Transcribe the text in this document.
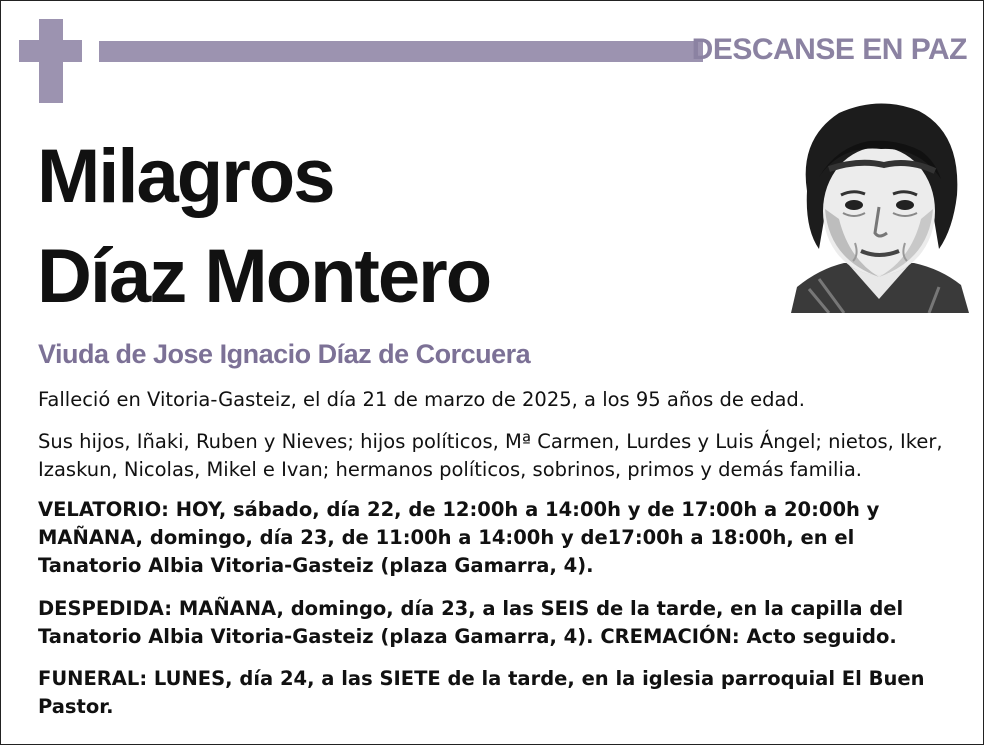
DESCANSE EN PAZ
Milagros
Díaz Montero
Viuda de Jose Ignacio Díaz de Corcuera

Falleció en Vitoria-Gasteiz, el día 21 de marzo de 2025, a los 95 años de edad.

Sus hijos, Iñaki, Ruben y Nieves; hijos políticos, Mª Carmen, Lurdes y Luis Ángel; nietos, Iker, Izaskun, Nicolas, Mikel e Ivan; hermanos políticos, sobrinos, primos y demás familia.

VELATORIO: HOY, sábado, día 22, de 12:00h a 14:00h y de 17:00h a 20:00h y MAÑANA, domingo, día 23, de 11:00h a 14:00h y de17:00h a 18:00h, en el Tanatorio Albia Vitoria-Gasteiz (plaza Gamarra, 4).

DESPEDIDA: MAÑANA, domingo, día 23, a las SEIS de la tarde, en la capilla del Tanatorio Albia Vitoria-Gasteiz (plaza Gamarra, 4). CREMACIÓN: Acto seguido.

FUNERAL: LUNES, día 24, a las SIETE de la tarde, en la iglesia parroquial El Buen Pastor.
